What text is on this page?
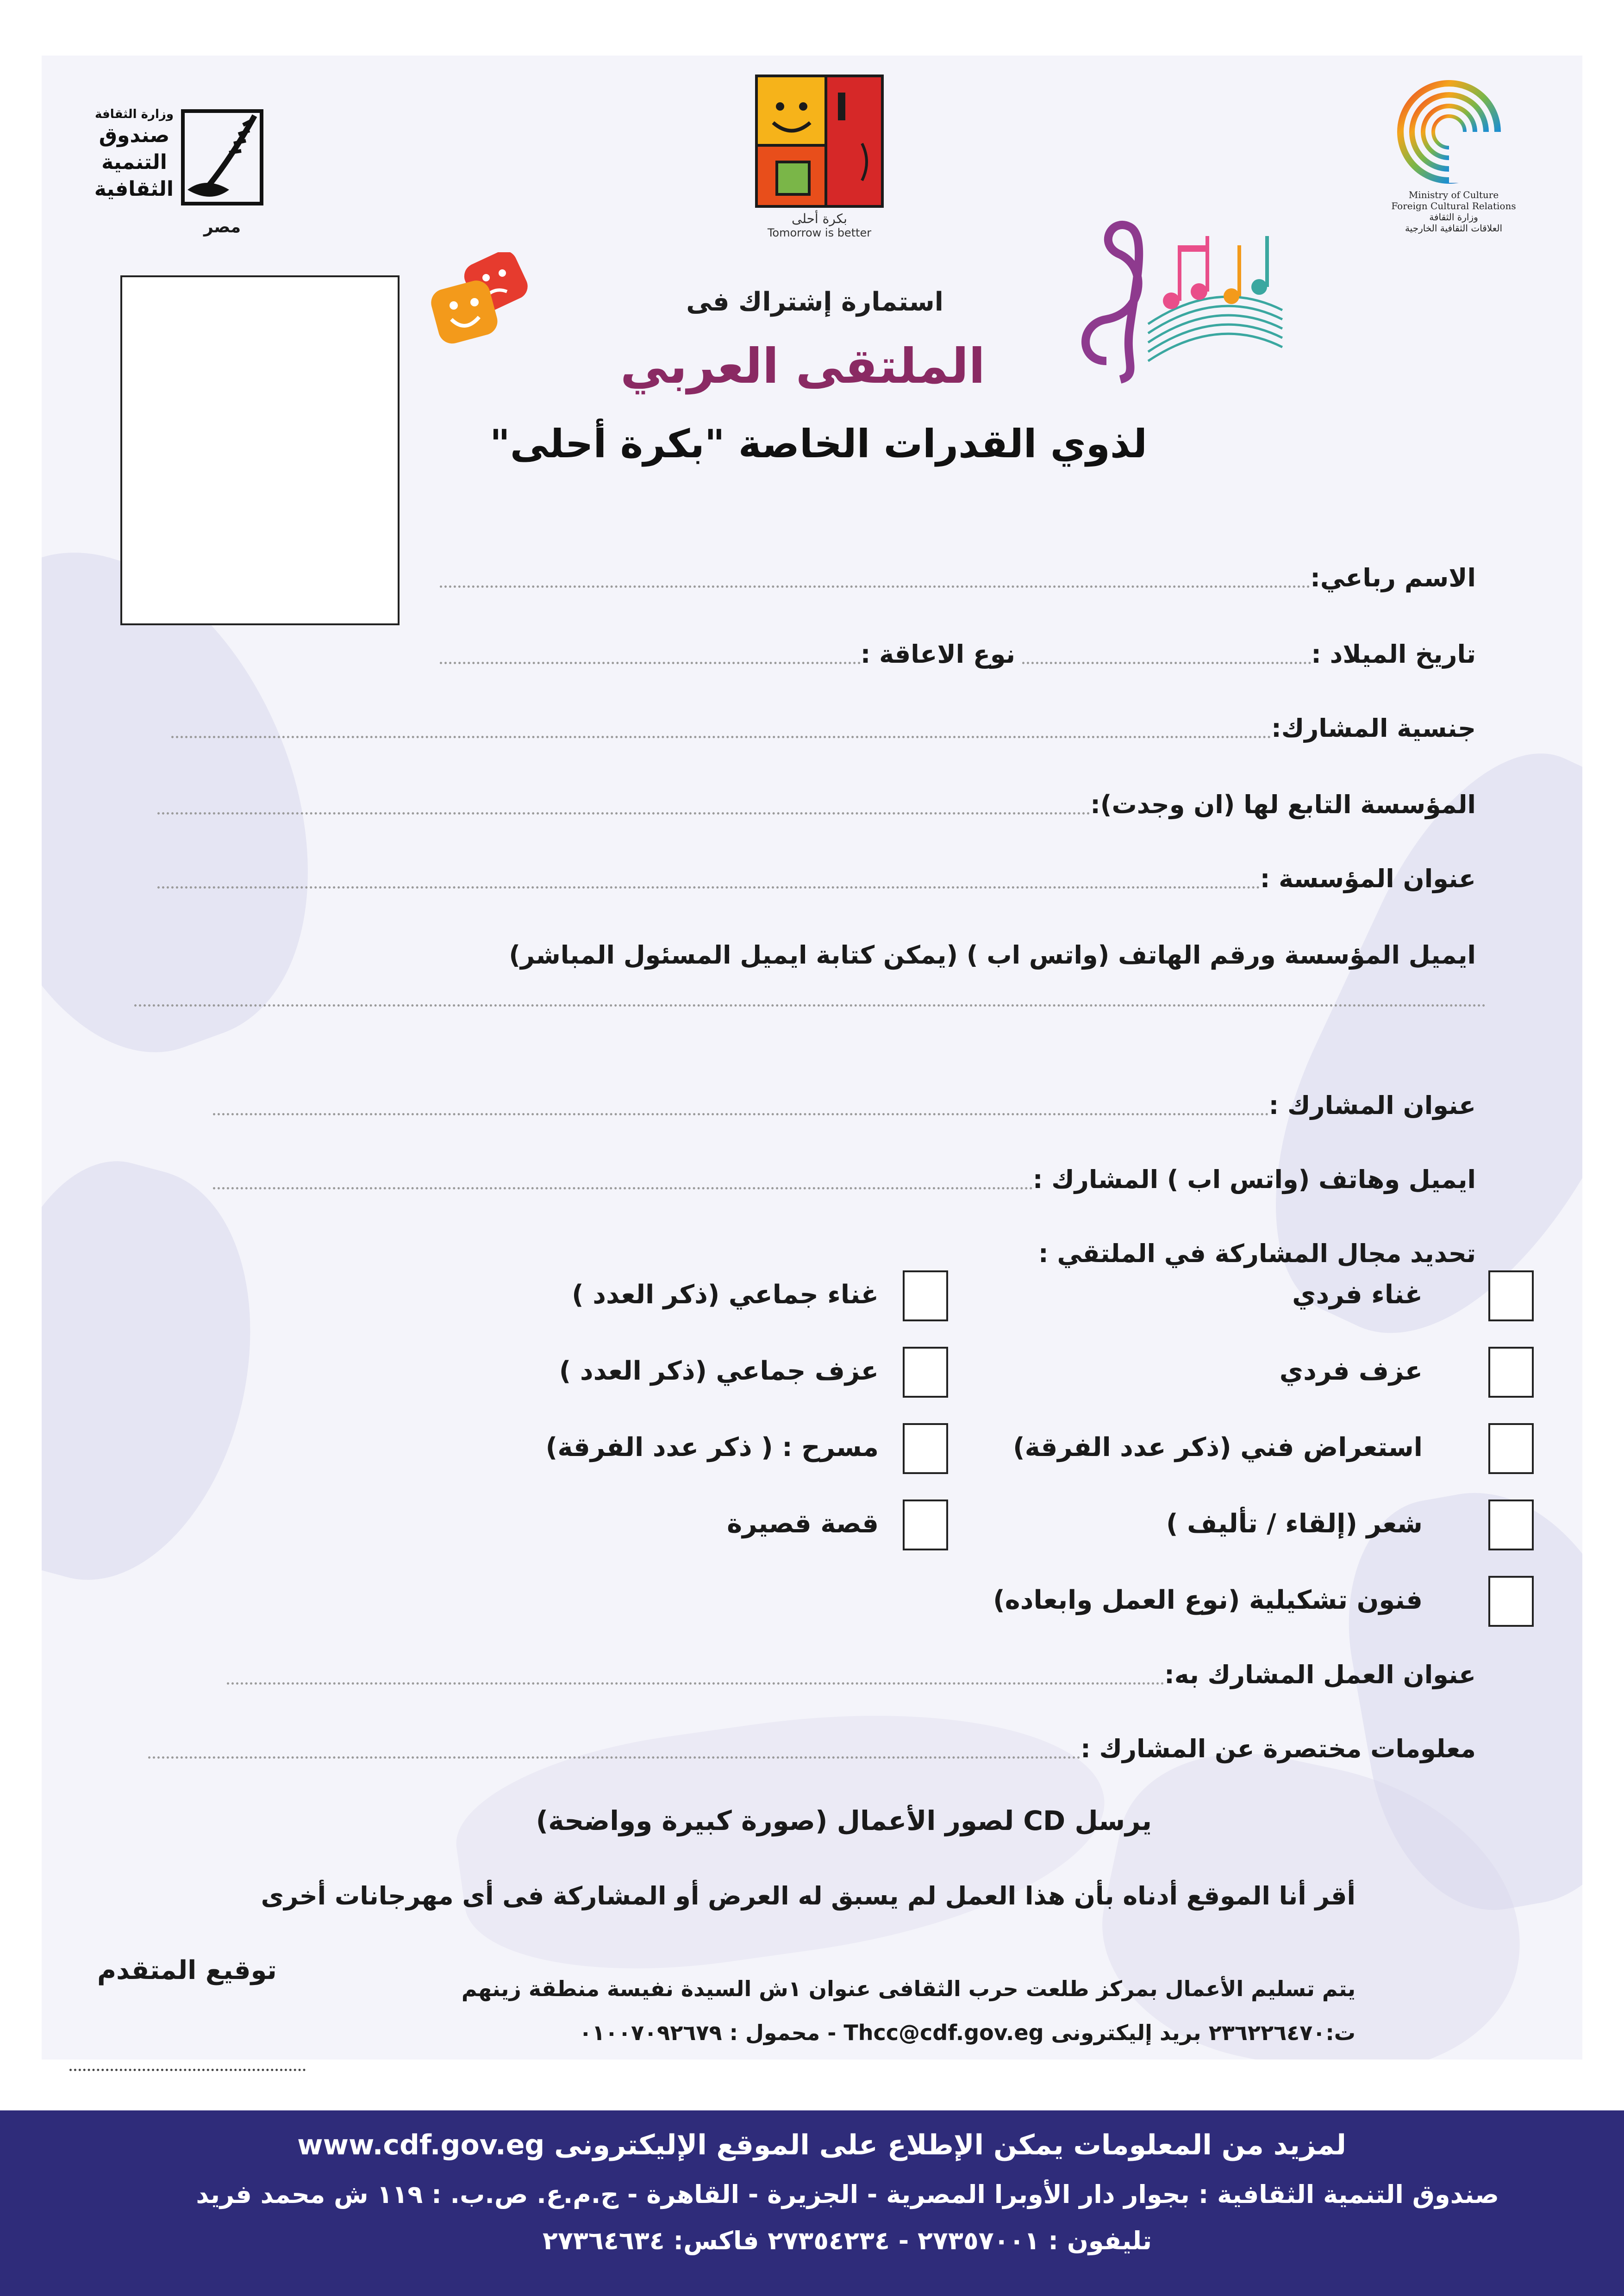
Ministry of Culture
Foreign Cultural Relations
وزارة الثقافة
العلاقات الثقافية الخارجية
بكرة أحلى
Tomorrow is better
وزارة الثقافة
صندوق
التنمية
الثقافية
مصر
استمارة إشتراك فى
الملتقى العربي
لذوي القدرات الخاصة "بكرة أحلى"
الاسم رباعي:
تاريخ الميلاد :
نوع الاعاقة :
جنسية المشارك:
المؤسسة التابع لها (ان وجدت):
عنوان المؤسسة :
ايميل المؤسسة ورقم الهاتف (واتس اب ) (يمكن كتابة ايميل المسئول المباشر)
عنوان المشارك :
ايميل وهاتف (واتس اب ) المشارك :
تحديد مجال المشاركة في الملتقي :
غناء فردي
عزف فردي
استعراض فني (ذكر عدد الفرقة)
شعر (إلقاء / تأليف )
فنون تشكيلية (نوع العمل وابعاده)
غناء جماعي (ذكر العدد )
عزف جماعي (ذكر العدد )
مسرح : ( ذكر عدد الفرقة)
قصة قصيرة
عنوان العمل المشارك به:
معلومات مختصرة عن المشارك :
يرسل CD لصور الأعمال (صورة كبيرة وواضحة)
أقر أنا الموقع أدناه بأن هذا العمل لم يسبق له العرض أو المشاركة فى أى مهرجانات أخرى
توقيع المتقدم
يتم تسليم الأعمال بمركز طلعت حرب الثقافى عنوان ١ش السيدة نفيسة منطقة زينهم
ت:٢٣٦٢٢٦٤٧٠ بريد إليكترونى Thcc@cdf.gov.eg - محمول : ٠١٠٠٧٠٩٢٦٧٩
لمزيد من المعلومات يمكن الإطلاع على الموقع الإليكترونى www.cdf.gov.eg
صندوق التنمية الثقافية : بجوار دار الأوبرا المصرية - الجزيرة - القاهرة - ج.م.ع. ص.ب. : ١١٩ ش محمد فريد
تليفون : ٢٧٣٥٧٠٠١ - ٢٧٣٥٤٢٣٤ فاكس: ٢٧٣٦٤٦٣٤
